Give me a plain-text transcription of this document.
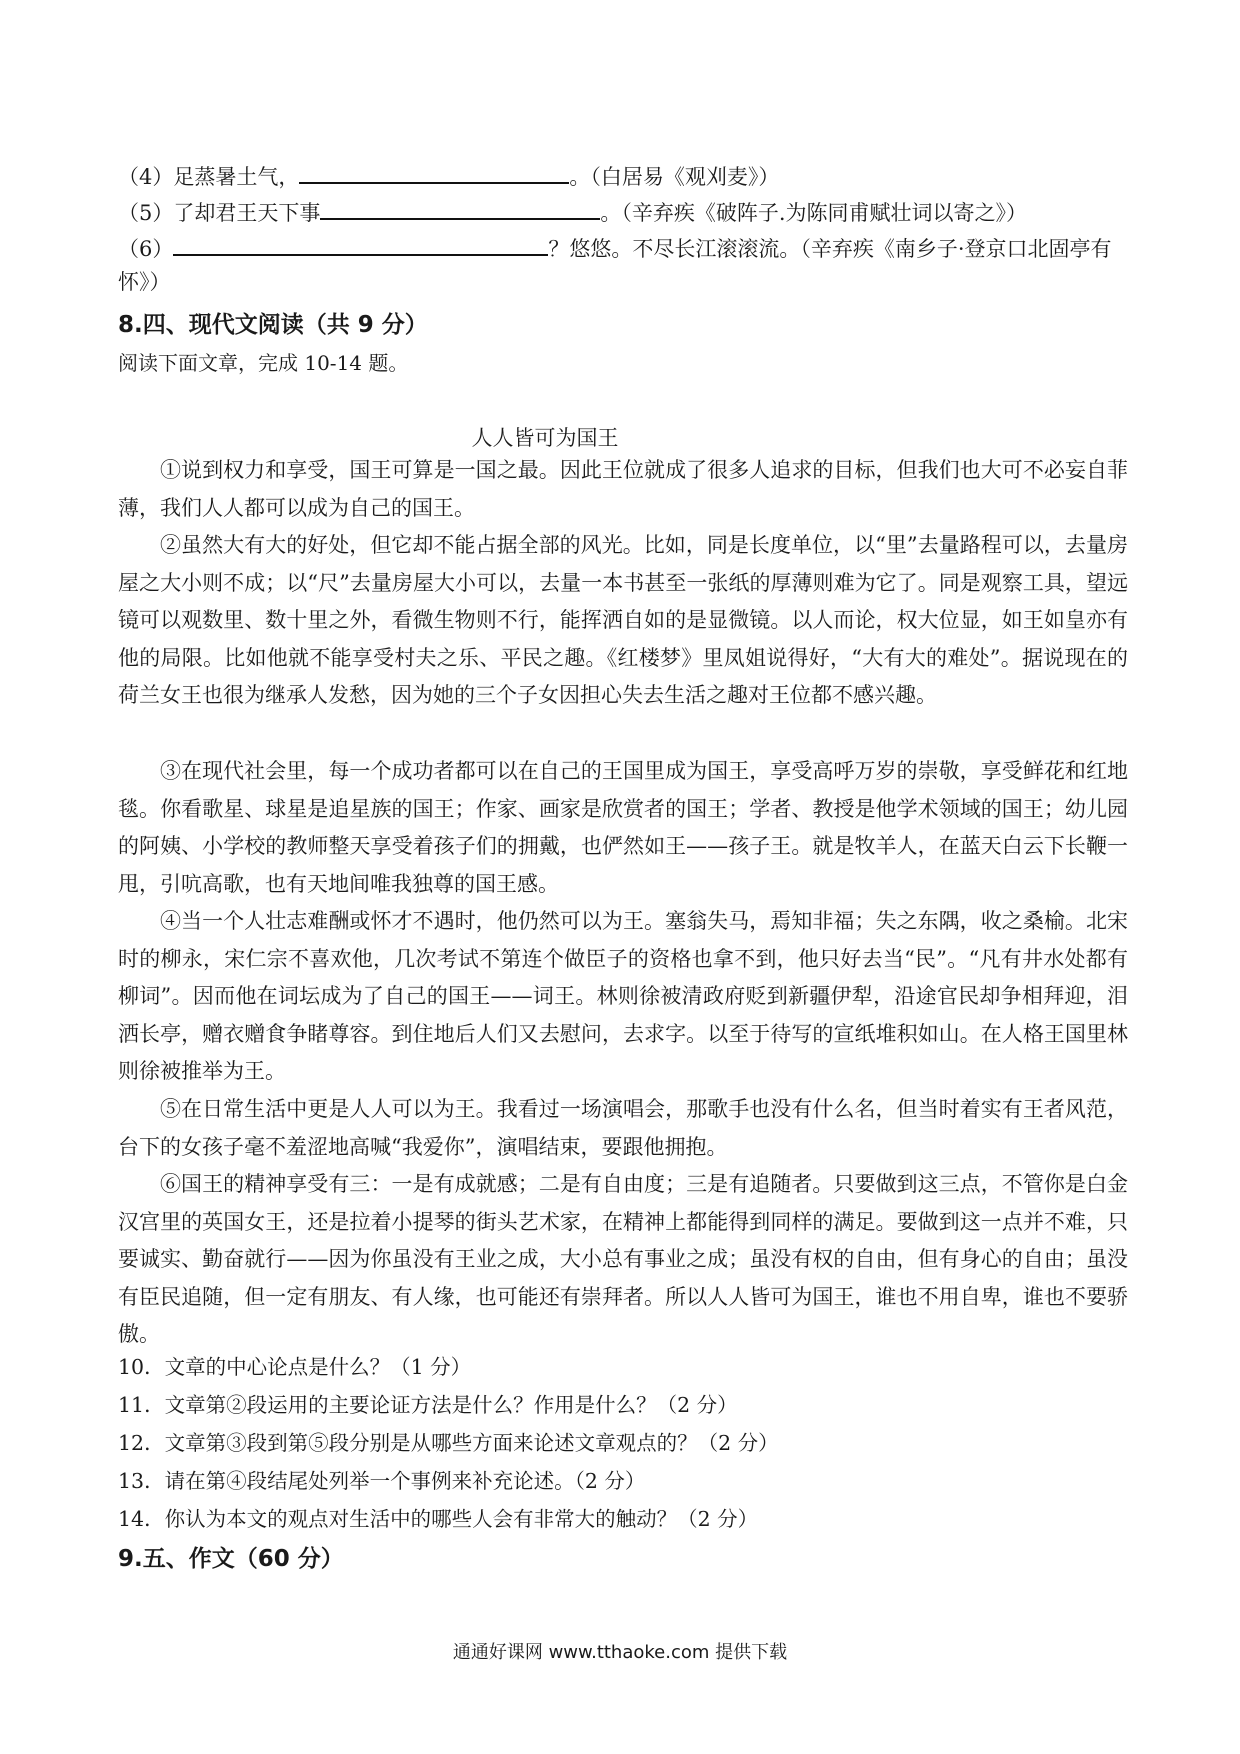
（4）足蒸暑土气，	。（白居易《观刈麦》）
（5）了却君王天下事	。（辛弃疾《破阵子.为陈同甫赋壮词以寄之》）
（6）	？悠悠。不尽长江滚滚流。（辛弃疾《南乡子·登京口北固亭有
怀》）
8.四、现代文阅读（共 9 分）
阅读下面文章，完成 10-14 题。
人人皆可为国王

①说到权力和享受，国王可算是一国之最。因此王位就成了很多人追求的目标，但我们也大可不必妄自菲薄，我们人人都可以成为自己的国王。

②虽然大有大的好处，但它却不能占据全部的风光。比如，同是长度单位，以“里”去量路程可以，去量房屋之大小则不成；以“尺”去量房屋大小可以，去量一本书甚至一张纸的厚薄则难为它了。同是观察工具，望远镜可以观数里、数十里之外，看微生物则不行，能挥洒自如的是显微镜。以人而论，权大位显，如王如皇亦有他的局限。比如他就不能享受村夫之乐、平民之趣。《红楼梦》里凤姐说得好，“大有大的难处”。据说现在的荷兰女王也很为继承人发愁，因为她的三个子女因担心失去生活之趣对王位都不感兴趣。

③在现代社会里，每一个成功者都可以在自己的王国里成为国王，享受高呼万岁的崇敬，享受鲜花和红地毯。你看歌星、球星是追星族的国王；作家、画家是欣赏者的国王；学者、教授是他学术领域的国王；幼儿园的阿姨、小学校的教师整天享受着孩子们的拥戴，也俨然如王——孩子王。就是牧羊人，在蓝天白云下长鞭一甩，引吭高歌，也有天地间唯我独尊的国王感。

④当一个人壮志难酬或怀才不遇时，他仍然可以为王。塞翁失马，焉知非福；失之东隅，收之桑榆。北宋时的柳永，宋仁宗不喜欢他，几次考试不第连个做臣子的资格也拿不到，他只好去当“民”。“凡有井水处都有柳词”。因而他在词坛成为了自己的国王——词王。林则徐被清政府贬到新疆伊犁，沿途官民却争相拜迎，泪洒长亭，赠衣赠食争睹尊容。到住地后人们又去慰问，去求字。以至于待写的宣纸堆积如山。在人格王国里林则徐被推举为王。

⑤在日常生活中更是人人可以为王。我看过一场演唱会，那歌手也没有什么名，但当时着实有王者风范，台下的女孩子毫不羞涩地高喊“我爱你”，演唱结束，要跟他拥抱。

⑥国王的精神享受有三：一是有成就感；二是有自由度；三是有追随者。只要做到这三点，不管你是白金汉宫里的英国女王，还是拉着小提琴的街头艺术家，在精神上都能得到同样的满足。要做到这一点并不难，只要诚实、勤奋就行——因为你虽没有王业之成，大小总有事业之成；虽没有权的自由，但有身心的自由；虽没有臣民追随，但一定有朋友、有人缘，也可能还有崇拜者。所以人人皆可为国王，谁也不用自卑，谁也不要骄傲。

10．文章的中心论点是什么？（1 分）
11．文章第②段运用的主要论证方法是什么？作用是什么？（2 分）
12．文章第③段到第⑤段分别是从哪些方面来论述文章观点的？（2 分）
13．请在第④段结尾处列举一个事例来补充论述。（2 分）
14．你认为本文的观点对生活中的哪些人会有非常大的触动？（2 分）
9.五、作文（60 分）
通通好课网 www.tthaoke.com 提供下载
